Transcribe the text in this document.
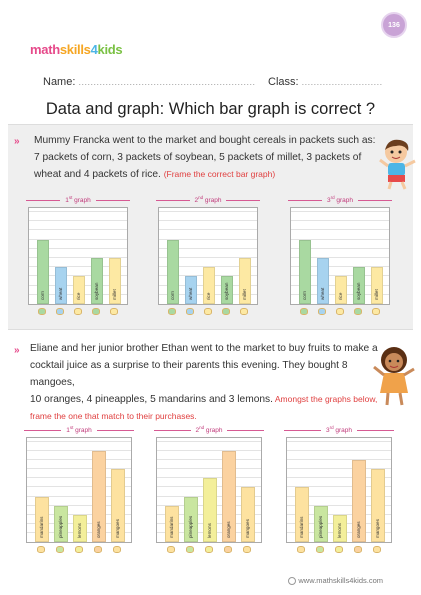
136
mathskills4kids
Name: ........................................................... Class: ...........................
Data and graph: Which bar graph is correct ?
» Mummy Francka went to the market and bought cereals in packets such as:
7 packets of corn, 3 packets of soybean, 5 packets of millet, 3 packets of
wheat and 4 packets of rice. (Frame the correct bar graph)
1st graph
corn	wheat	rice	soybean	millet
2nd graph
corn	wheat	rice	soybean	millet
3rd graph
corn	wheat	rice	soybean	millet
» Eliane and her junior brother Ethan went to the market to buy fruits to make a
cocktail juice as a surprise to their parents this evening. They bought 8 mangoes,
10 oranges, 4 pineapples, 5 mandarins and 3 lemons. Amongst the graphs below,
frame the one that match to their purchases.
1st graph
mandarins	pineapples	lemons	oranges	mangoes
2nd graph
mandarins	pineapples	lemons	oranges	mangoes
3rd graph
mandarins	pineapples	lemons	oranges	mangoes
www.mathskills4kids.com
